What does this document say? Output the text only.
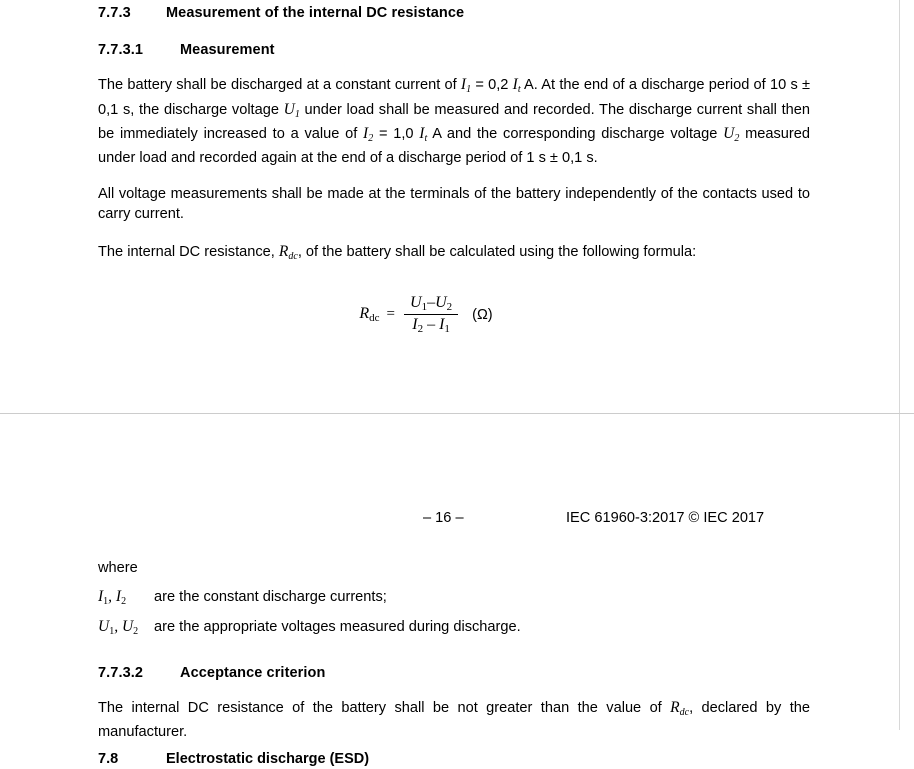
7.7.3 Measurement of the internal DC resistance
7.7.3.1	Measurement

The battery shall be discharged at a constant current of $I_1 = 0,2$ $I_t$ A. At the end of a discharge period of 10 s ± 0,1 s, the discharge voltage $U_1$ under load shall be measured and recorded. The discharge current shall then be immediately increased to a value of $I_2 = 1,0$ $I_t$ A and the corresponding discharge voltage $U_2$ measured under load and recorded again at the end of a discharge period of 1 s ± 0,1 s.

All voltage measurements shall be made at the terminals of the battery independently of the contacts used to carry current.

The internal DC resistance, $R_{dc}$, of the battery shall be calculated using the following formula:

$R_{dc} = \frac{U_1-U_2}{I_2 - I_1} (\Omega)$
– 16 –	IEC 61960-3:2017 © IEC 2017

where

$I_1$, $I_2$ are the constant discharge currents;
$U_1$, $U_2$ are the appropriate voltages measured during discharge.
7.7.3.2	Acceptance criterion

The internal DC resistance of the battery shall be not greater than the value of $R_{dc}$, declared by the manufacturer.

7.8	Electrostatic discharge (ESD)
